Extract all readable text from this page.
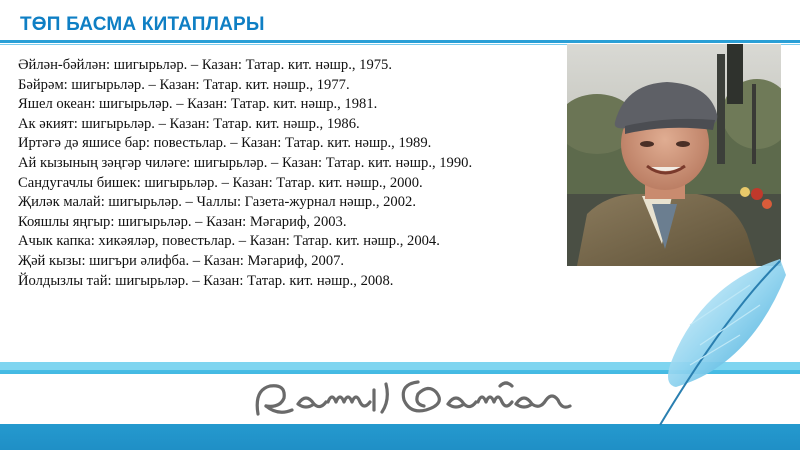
ТӨП БАСМА КИТАПЛАРЫ
Әйлән-бәйлән: шигырьләр. – Казан: Татар. кит. нәшр., 1975.
Бәйрәм: шигырьләр. – Казан: Татар. кит. нәшр., 1977.
Яшел океан: шигырьләр. – Казан: Татар. кит. нәшр., 1981.
Ак әкият: шигырьләр. – Казан: Татар. кит. нәшр., 1986.
Иртәгә дә яшисе бар: повестьлар. – Казан: Татар. кит. нәшр., 1989.
Ай кызының зәңгәр чиләге: шигырьләр. – Казан: Татар. кит. нәшр., 1990.
Сандугачлы бишек: шигырьләр. – Казан: Татар. кит. нәшр., 2000.
Җиләк малай: шигырьләр. – Чаллы: Газета-журнал нәшр., 2002.
Кояшлы яңгыр: шигырьләр. – Казан: Мәгариф, 2003.
Ачык капка: хикәяләр, повестьлар. – Казан: Татар. кит. нәшр., 2004.
Җәй кызы: шигъри әлифба. – Казан: Мәгариф, 2007.
Йолдызлы тай: шигырьләр. – Казан: Татар. кит. нәшр., 2008.
